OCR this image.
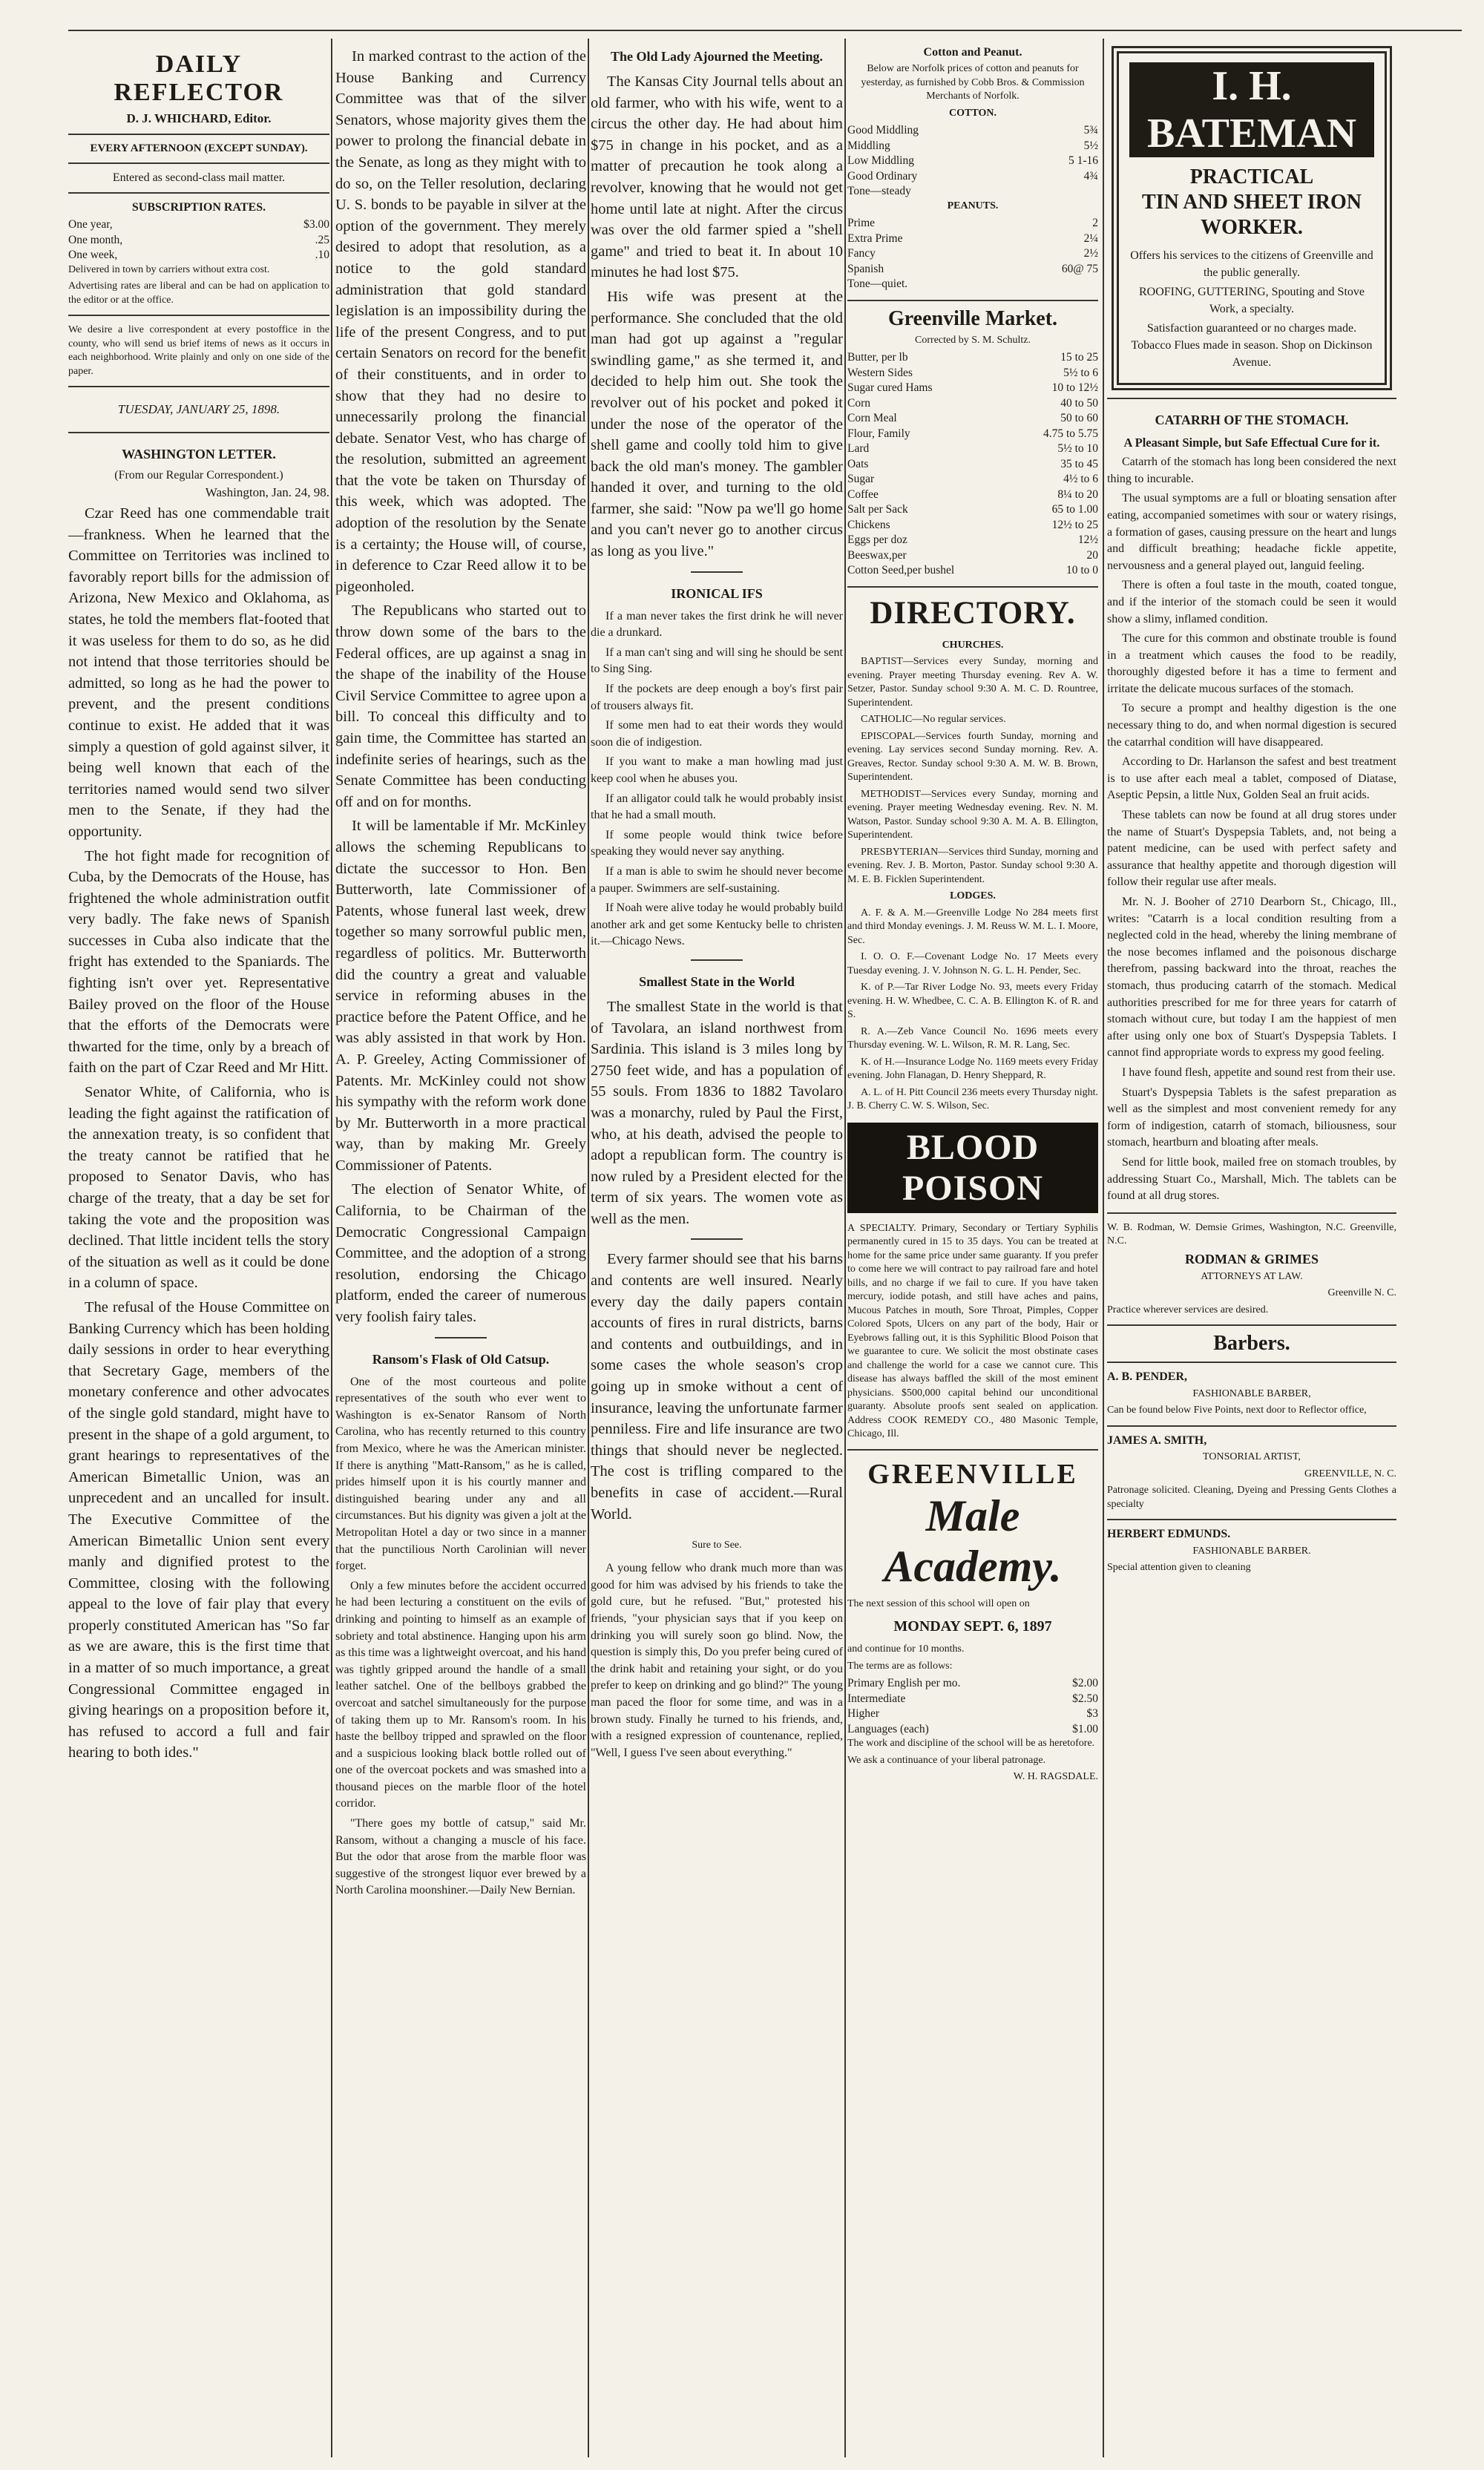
DAILY REFLECTOR

D. J. WHICHARD, Editor.

EVERY AFTERNOON (EXCEPT SUNDAY).

Entered as second-class mail matter.

SUBSCRIPTION RATES.

One year,	$3.00
One month,	.25
One week,	.10

Delivered in town by carriers without extra cost.

Advertising rates are liberal and can be had on application to the editor or at the office.

We desire a live correspondent at every postoffice in the county, who will send us brief items of news as it occurs in each neighborhood. Write plainly and only on one side of the paper.

TUESDAY, JANUARY 25, 1898.

WASHINGTON LETTER.

(From our Regular Correspondent.)

Washington, Jan. 24, 98.

Czar Reed has one commendable trait—frankness. When he learned that the Committee on Territories was inclined to favorably report bills for the admission of Arizona, New Mexico and Oklahoma, as states, he told the members flat-footed that it was useless for them to do so, as he did not intend that those territories should be admitted, so long as he had the power to prevent, and the present conditions continue to exist. He added that it was simply a question of gold against silver, it being well known that each of the territories named would send two silver men to the Senate, if they had the opportunity.

The hot fight made for recognition of Cuba, by the Democrats of the House, has frightened the whole administration outfit very badly. The fake news of Spanish successes in Cuba also indicate that the fright has extended to the Spaniards. The fighting isn't over yet. Representative Bailey proved on the floor of the House that the efforts of the Democrats were thwarted for the time, only by a breach of faith on the part of Czar Reed and Mr Hitt.

Senator White, of California, who is leading the fight against the ratification of the annexation treaty, is so confident that the treaty cannot be ratified that he proposed to Senator Davis, who has charge of the treaty, that a day be set for taking the vote and the proposition was declined. That little incident tells the story of the situation as well as it could be done in a column of space.

The refusal of the House Committee on Banking Currency which has been holding daily sessions in order to hear everything that Secretary Gage, members of the monetary conference and other advocates of the single gold standard, might have to present in the shape of a gold argument, to grant hearings to representatives of the American Bimetallic Union, was an unprecedent and an uncalled for insult. The Executive Committee of the American Bimetallic Union sent every manly and dignified protest to the Committee, closing with the following appeal to the love of fair play that every properly constituted American has "So far as we are aware, this is the first time that in a matter of so much importance, a great Congressional Committee engaged in giving hearings on a proposition before it, has refused to accord a full and fair hearing to both ides."

In marked contrast to the action of the House Banking and Currency Committee was that of the silver Senators, whose majority gives them the power to prolong the financial debate in the Senate, as long as they might with to do so, on the Teller resolution, declaring U. S. bonds to be payable in silver at the option of the government. They merely desired to adopt that resolution, as a notice to the gold standard administration that gold standard legislation is an impossibility during the life of the present Congress, and to put certain Senators on record for the benefit of their constituents, and in order to show that they had no desire to unnecessarily prolong the financial debate. Senator Vest, who has charge of the resolution, submitted an agreement that the vote be taken on Thursday of this week, which was adopted. The adoption of the resolution by the Senate is a certainty; the House will, of course, in deference to Czar Reed allow it to be pigeonholed.

The Republicans who started out to throw down some of the bars to the Federal offices, are up against a snag in the shape of the inability of the House Civil Service Committee to agree upon a bill. To conceal this difficulty and to gain time, the Committee has started an indefinite series of hearings, such as the Senate Committee has been conducting off and on for months.

It will be lamentable if Mr. McKinley allows the scheming Republicans to dictate the successor to Hon. Ben Butterworth, late Commissioner of Patents, whose funeral last week, drew together so many sorrowful public men, regardless of politics. Mr. Butterworth did the country a great and valuable service in reforming abuses in the practice before the Patent Office, and he was ably assisted in that work by Hon. A. P. Greeley, Acting Commissioner of Patents. Mr. McKinley could not show his sympathy with the reform work done by Mr. Butterworth in a more practical way, than by making Mr. Greely Commissioner of Patents.

The election of Senator White, of California, to be Chairman of the Democratic Congressional Campaign Committee, and the adoption of a strong resolution, endorsing the Chicago platform, ended the career of numerous very foolish fairy tales.

Ransom's Flask of Old Catsup.

One of the most courteous and polite representatives of the south who ever went to Washington is ex-Senator Ransom of North Carolina, who has recently returned to this country from Mexico, where he was the American minister. If there is anything "Matt-Ransom," as he is called, prides himself upon it is his courtly manner and distinguished bearing under any and all circumstances. But his dignity was given a jolt at the Metropolitan Hotel a day or two since in a manner that the punctilious North Carolinian will never forget.

Only a few minutes before the accident occurred he had been lecturing a constituent on the evils of drinking and pointing to himself as an example of sobriety and total abstinence. Hanging upon his arm as this time was a lightweight overcoat, and his hand was tightly gripped around the handle of a small leather satchel. One of the bellboys grabbed the overcoat and satchel simultaneously for the purpose of taking them up to Mr. Ransom's room. In his haste the bellboy tripped and sprawled on the floor and a suspicious looking black bottle rolled out of one of the overcoat pockets and was smashed into a thousand pieces on the marble floor of the hotel corridor.

"There goes my bottle of catsup," said Mr. Ransom, without a changing a muscle of his face. But the odor that arose from the marble floor was suggestive of the strongest liquor ever brewed by a North Carolina moonshiner.—Daily New Bernian.

The Old Lady Ajourned the Meeting.

The Kansas City Journal tells about an old farmer, who with his wife, went to a circus the other day. He had about him $75 in change in his pocket, and as a matter of precaution he took along a revolver, knowing that he would not get home until late at night. After the circus was over the old farmer spied a "shell game" and tried to beat it. In about 10 minutes he had lost $75.

His wife was present at the performance. She concluded that the old man had got up against a "regular swindling game," as she termed it, and decided to help him out. She took the revolver out of his pocket and poked it under the nose of the operator of the shell game and coolly told him to give back the old man's money. The gambler handed it over, and turning to the old farmer, she said: "Now pa we'll go home and you can't never go to another circus as long as you live."

IRONICAL IFS

If a man never takes the first drink he will never die a drunkard.

If a man can't sing and will sing he should be sent to Sing Sing.

If the pockets are deep enough a boy's first pair of trousers always fit.

If some men had to eat their words they would soon die of indigestion.

If you want to make a man howling mad just keep cool when he abuses you.

If an alligator could talk he would probably insist that he had a small mouth.

If some people would think twice before speaking they would never say anything.

If a man is able to swim he should never become a pauper. Swimmers are self-sustaining.

If Noah were alive today he would probably build another ark and get some Kentucky belle to christen it.—Chicago News.

Smallest State in the World

The smallest State in the world is that of Tavolara, an island northwest from Sardinia. This island is 3 miles long by 2750 feet wide, and has a population of 55 souls. From 1836 to 1882 Tavolaro was a monarchy, ruled by Paul the First, who, at his death, advised the people to adopt a republican form. The country is now ruled by a President elected for the term of six years. The women vote as well as the men.

Every farmer should see that his barns and contents are well insured. Nearly every day the daily papers contain accounts of fires in rural districts, barns and contents and outbuildings, and in some cases the whole season's crop going up in smoke without a cent of insurance, leaving the unfortunate farmer penniless. Fire and life insurance are two things that should never be neglected. The cost is trifling compared to the benefits in case of accident.—Rural World.

Sure to See.

A young fellow who drank much more than was good for him was advised by his friends to take the gold cure, but he refused. "But," protested his friends, "your physician says that if you keep on drinking you will surely soon go blind. Now, the question is simply this, Do you prefer being cured of the drink habit and retaining your sight, or do you prefer to keep on drinking and go blind?" The young man paced the floor for some time, and was in a brown study. Finally he turned to his friends, and, with a resigned expression of countenance, replied, "Well, I guess I've seen about everything."

Cotton and Peanut.

Below are Norfolk prices of cotton and peanuts for yesterday, as furnished by Cobb Bros. & Commission Merchants of Norfolk.

COTTON.

Good Middling	5¾
Middling	5½
Low Middling	5 1-16
Good Ordinary	4¾
Tone—steady

PEANUTS.

Prime	2
Extra Prime	2¼
Fancy	2½
Spanish	60@ 75
Tone—quiet.

Greenville Market.

Corrected by S. M. Schultz.

Butter, per lb	15 to 25
Western Sides	5½ to 6
Sugar cured Hams	10 to 12½
Corn	40 to 50
Corn Meal	50 to 60
Flour, Family	4.75 to 5.75
Lard	5½ to 10
Oats	35 to 45
Sugar	4½ to 6
Coffee	8¼ to 20
Salt per Sack	65 to 1.00
Chickens	12½ to 25
Eggs per doz	12½
Beeswax,per	20
Cotton Seed,per bushel	10 to 0
DIRECTORY.

CHURCHES.

BAPTIST—Services every Sunday, morning and evening. Prayer meeting Thursday evening. Rev A. W. Setzer, Pastor. Sunday school 9:30 A. M. C. D. Rountree, Superintendent.

CATHOLIC—No regular services.

EPISCOPAL—Services fourth Sunday, morning and evening. Lay services second Sunday morning. Rev. A. Greaves, Rector. Sunday school 9:30 A. M. W. B. Brown, Superintendent.

METHODIST—Services every Sunday, morning and evening. Prayer meeting Wednesday evening. Rev. N. M. Watson, Pastor. Sunday school 9:30 A. M. A. B. Ellington, Superintendent.

PRESBYTERIAN—Services third Sunday, morning and evening. Rev. J. B. Morton, Pastor. Sunday school 9:30 A. M. E. B. Ficklen Superintendent.

LODGES.

A. F. & A. M.—Greenville Lodge No 284 meets first and third Monday evenings. J. M. Reuss W. M. L. I. Moore, Sec.

I. O. O. F.—Covenant Lodge No. 17 Meets every Tuesday evening. J. V. Johnson N. G. L. H. Pender, Sec.

K. of P.—Tar River Lodge No. 93, meets every Friday evening. H. W. Whedbee, C. C. A. B. Ellington K. of R. and S.

R. A.—Zeb Vance Council No. 1696 meets every Thursday evening. W. L. Wilson, R. M. R. Lang, Sec.

K. of H.—Insurance Lodge No. 1169 meets every Friday evening. John Flanagan, D. Henry Sheppard, R.

A. L. of H. Pitt Council 236 meets every Thursday night. J. B. Cherry C. W. S. Wilson, Sec.

BLOOD POISON

A SPECIALTY. Primary, Secondary or Tertiary Syphilis permanently cured in 15 to 35 days. You can be treated at home for the same price under same guaranty. If you prefer to come here we will contract to pay railroad fare and hotel bills, and no charge if we fail to cure. If you have taken mercury, iodide potash, and still have aches and pains, Mucous Patches in mouth, Sore Throat, Pimples, Copper Colored Spots, Ulcers on any part of the body, Hair or Eyebrows falling out, it is this Syphilitic Blood Poison that we guarantee to cure. We solicit the most obstinate cases and challenge the world for a case we cannot cure. This disease has always baffled the skill of the most eminent physicians. $500,000 capital behind our unconditional guaranty. Absolute proofs sent sealed on application. Address COOK REMEDY CO., 480 Masonic Temple, Chicago, Ill.

GREENVILLE
Male Academy.

The next session of this school will open on

MONDAY SEPT. 6, 1897

and continue for 10 months.

The terms are as follows:

Primary English per mo.	$2.00
Intermediate	$2.50
Higher	$3
Languages (each)	$1.00

The work and discipline of the school will be as heretofore.

We ask a continuance of your liberal patronage.

W. H. RAGSDALE.

I. H. BATEMAN
PRACTICAL
TIN AND SHEET IRON
WORKER.

Offers his services to the citizens of Greenville and the public generally.

ROOFING, GUTTERING, Spouting and Stove Work, a specialty.

Satisfaction guaranteed or no charges made. Tobacco Flues made in season. Shop on Dickinson Avenue.

CATARRH OF THE STOMACH.

A Pleasant Simple, but Safe Effectual Cure for it.

Catarrh of the stomach has long been considered the next thing to incurable.

The usual symptoms are a full or bloating sensation after eating, accompanied sometimes with sour or watery risings, a formation of gases, causing pressure on the heart and lungs and difficult breathing; headache fickle appetite, nervousness and a general played out, languid feeling.

There is often a foul taste in the mouth, coated tongue, and if the interior of the stomach could be seen it would show a slimy, inflamed condition.

The cure for this common and obstinate trouble is found in a treatment which causes the food to be readily, thoroughly digested before it has a time to ferment and irritate the delicate mucous surfaces of the stomach.

To secure a prompt and healthy digestion is the one necessary thing to do, and when normal digestion is secured the catarrhal condition will have disappeared.

According to Dr. Harlanson the safest and best treatment is to use after each meal a tablet, composed of Diatase, Aseptic Pepsin, a little Nux, Golden Seal an fruit acids.

These tablets can now be found at all drug stores under the name of Stuart's Dyspepsia Tablets, and, not being a patent medicine, can be used with perfect safety and assurance that healthy appetite and thorough digestion will follow their regular use after meals.

Mr. N. J. Booher of 2710 Dearborn St., Chicago, Ill., writes: "Catarrh is a local condition resulting from a neglected cold in the head, whereby the lining membrane of the nose becomes inflamed and the poisonous discharge therefrom, passing backward into the throat, reaches the stomach, thus producing catarrh of the stomach. Medical authorities prescribed for me for three years for catarrh of stomach without cure, but today I am the happiest of men after using only one box of Stuart's Dyspepsia Tablets. I cannot find appropriate words to express my good feeling.

I have found flesh, appetite and sound rest from their use.

Stuart's Dyspepsia Tablets is the safest preparation as well as the simplest and most convenient remedy for any form of indigestion, catarrh of stomach, biliousness, sour stomach, heartburn and bloating after meals.

Send for little book, mailed free on stomach troubles, by addressing Stuart Co., Marshall, Mich. The tablets can be found at all drug stores.

W. B. Rodman, W. Demsie Grimes, Washington, N.C. Greenville, N.C.

RODMAN & GRIMES

ATTORNEYS AT LAW.

Greenville N. C.

Practice wherever services are desired.

Barbers.

A. B. PENDER,

FASHIONABLE BARBER,

Can be found below Five Points, next door to Reflector office,

JAMES A. SMITH,

TONSORIAL ARTIST,

GREENVILLE, N. C.

Patronage solicited. Cleaning, Dyeing and Pressing Gents Clothes a specialty

HERBERT EDMUNDS.

FASHIONABLE BARBER.

Special attention given to cleaning
